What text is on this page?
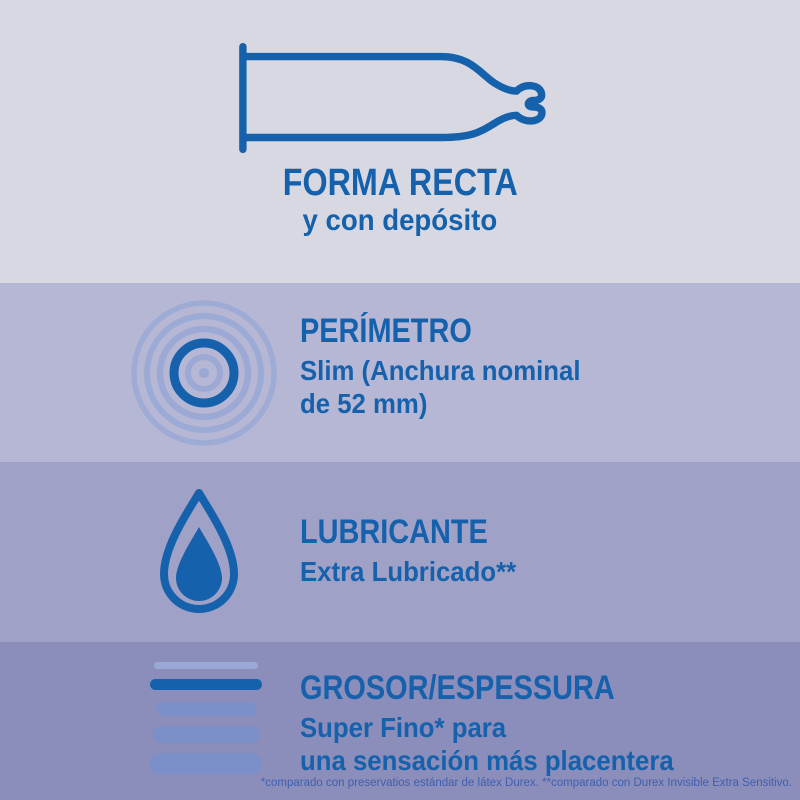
FORMA RECTA
y con depósito
PERÍMETRO
Slim (Anchura nominal
de 52 mm)
LUBRICANTE
Extra Lubricado**
GROSOR/ESPESSURA
Super Fino* para
una sensación más placentera
*comparado con preservatios estándar de látex Durex. **comparado con Durex Invisible Extra Sensitivo.
